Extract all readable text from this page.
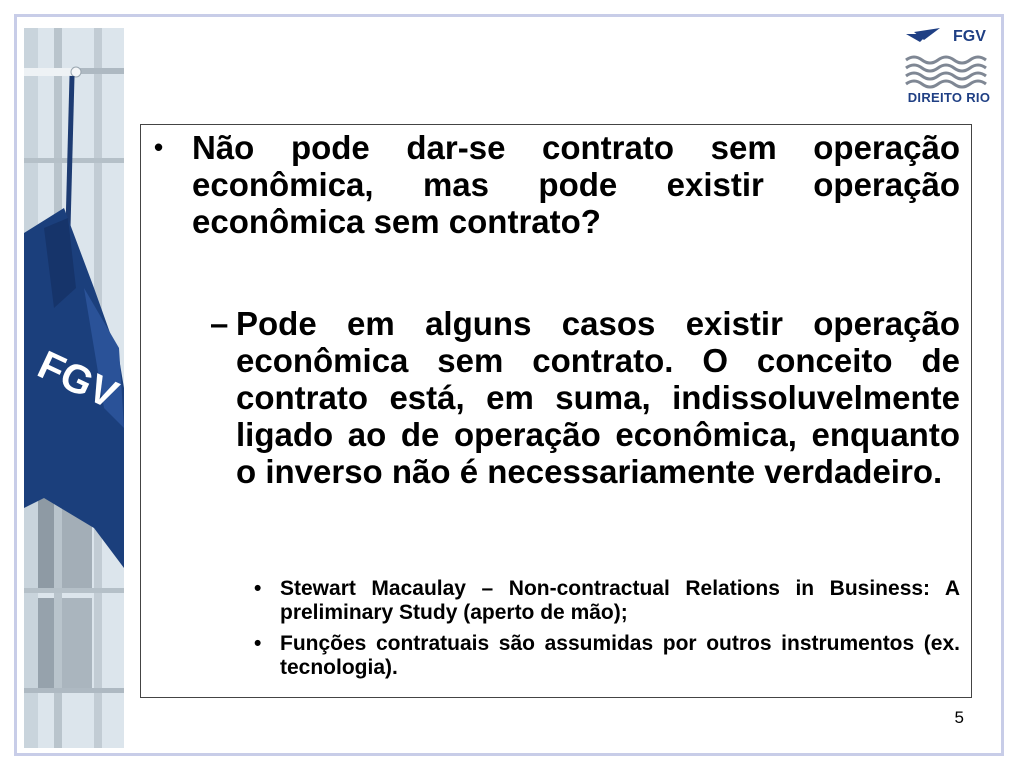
FGV
FGV
DIREITO RIO
• Não pode dar-se contrato sem operação econômica, mas pode existir operação econômica sem contrato?
– Pode em alguns casos existir operação econômica sem contrato. O conceito de contrato está, em suma, indissoluvelmente ligado ao de operação econômica, enquanto o inverso não é necessariamente verdadeiro.
• Stewart Macaulay – Non-contractual Relations in Business: A preliminary Study (aperto de mão);
• Funções contratuais são assumidas por outros instrumentos (ex. tecnologia).
5
